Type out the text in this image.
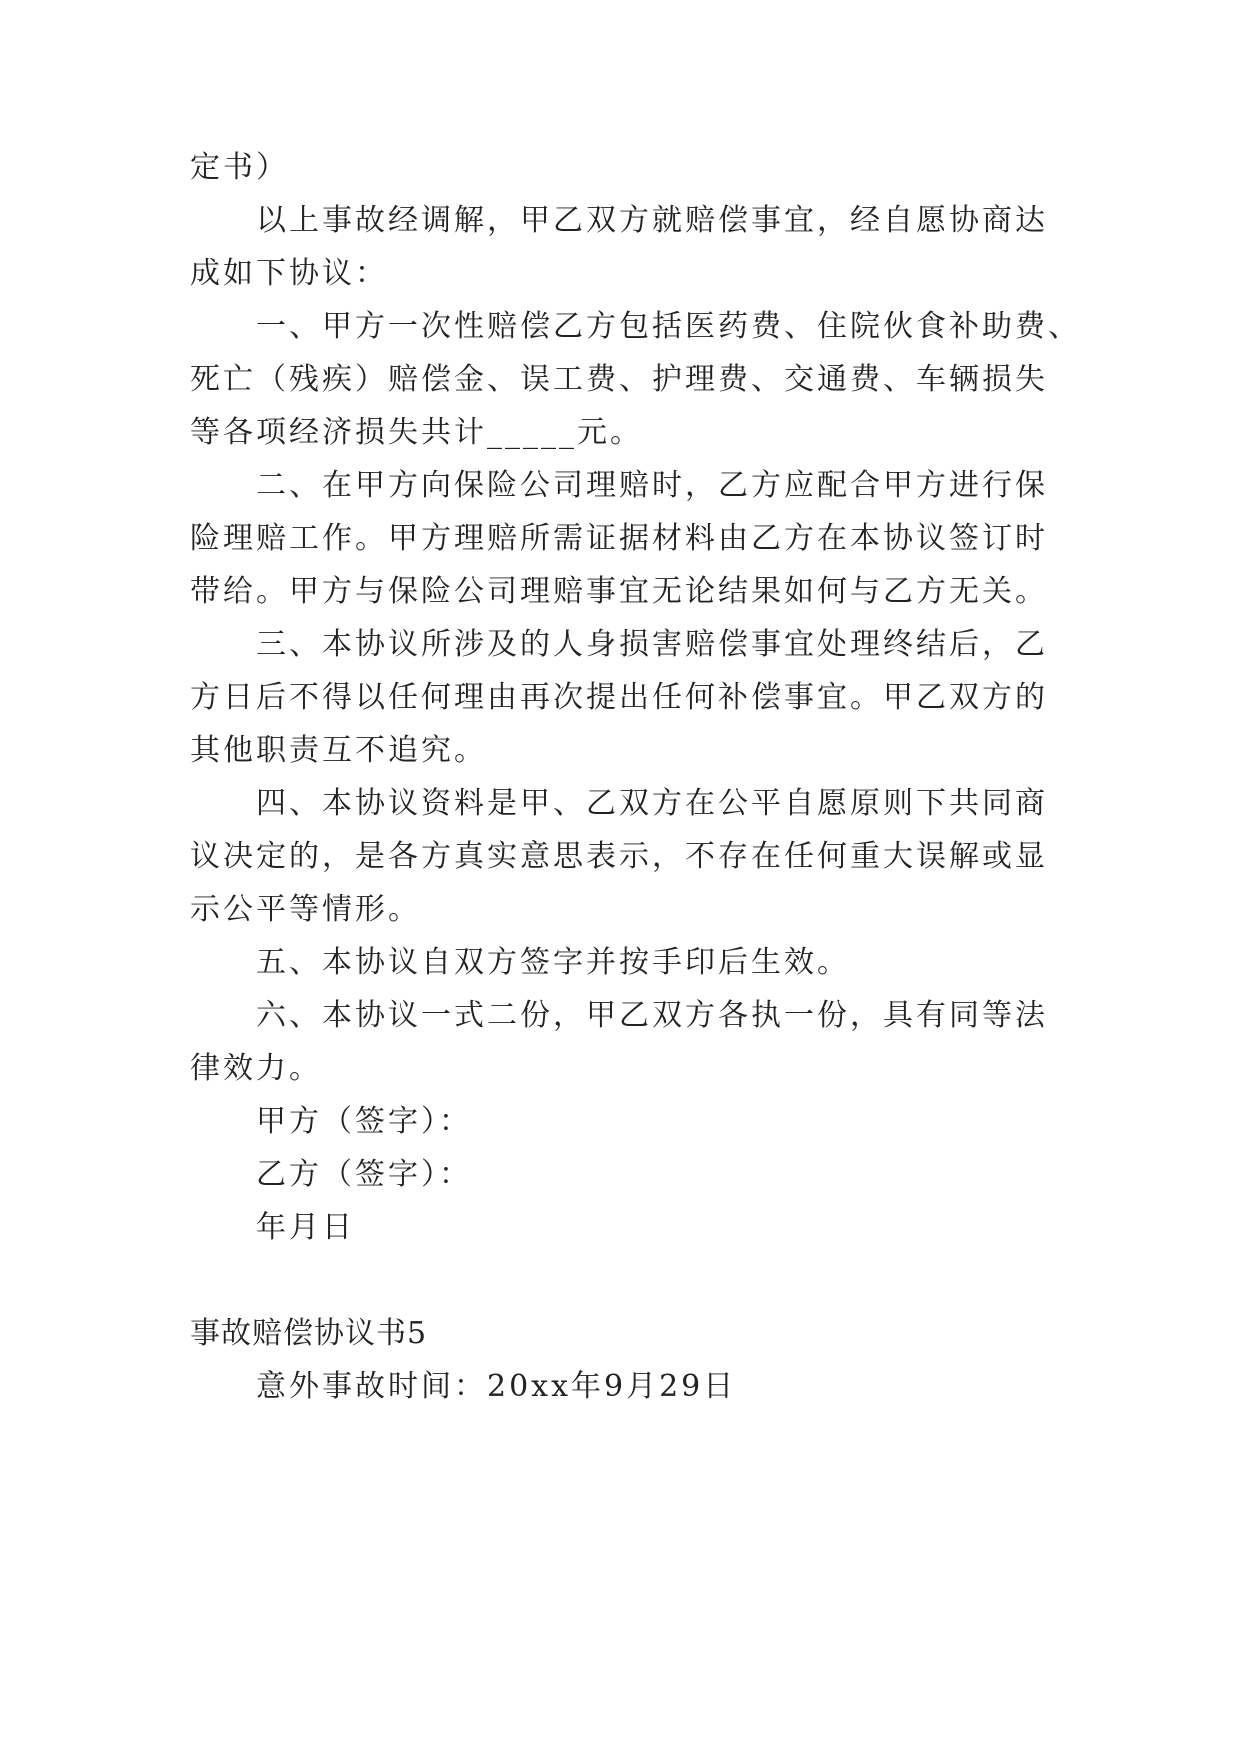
定书）
以上事故经调解，甲乙双方就赔偿事宜，经自愿协商达
成如下协议：
一、甲方一次性赔偿乙方包括医药费、住院伙食补助费、
死亡（残疾）赔偿金、误工费、护理费、交通费、车辆损失
等各项经济损失共计_____元。
二、在甲方向保险公司理赔时，乙方应配合甲方进行保
险理赔工作。甲方理赔所需证据材料由乙方在本协议签订时
带给。甲方与保险公司理赔事宜无论结果如何与乙方无关。
三、本协议所涉及的人身损害赔偿事宜处理终结后，乙
方日后不得以任何理由再次提出任何补偿事宜。甲乙双方的
其他职责互不追究。
四、本协议资料是甲、乙双方在公平自愿原则下共同商
议决定的，是各方真实意思表示，不存在任何重大误解或显
示公平等情形。
五、本协议自双方签字并按手印后生效。
六、本协议一式二份，甲乙双方各执一份，具有同等法
律效力。
甲方（签字）：
乙方（签字）：
年月日
事故赔偿协议书5
意外事故时间：20xx年9月29日
